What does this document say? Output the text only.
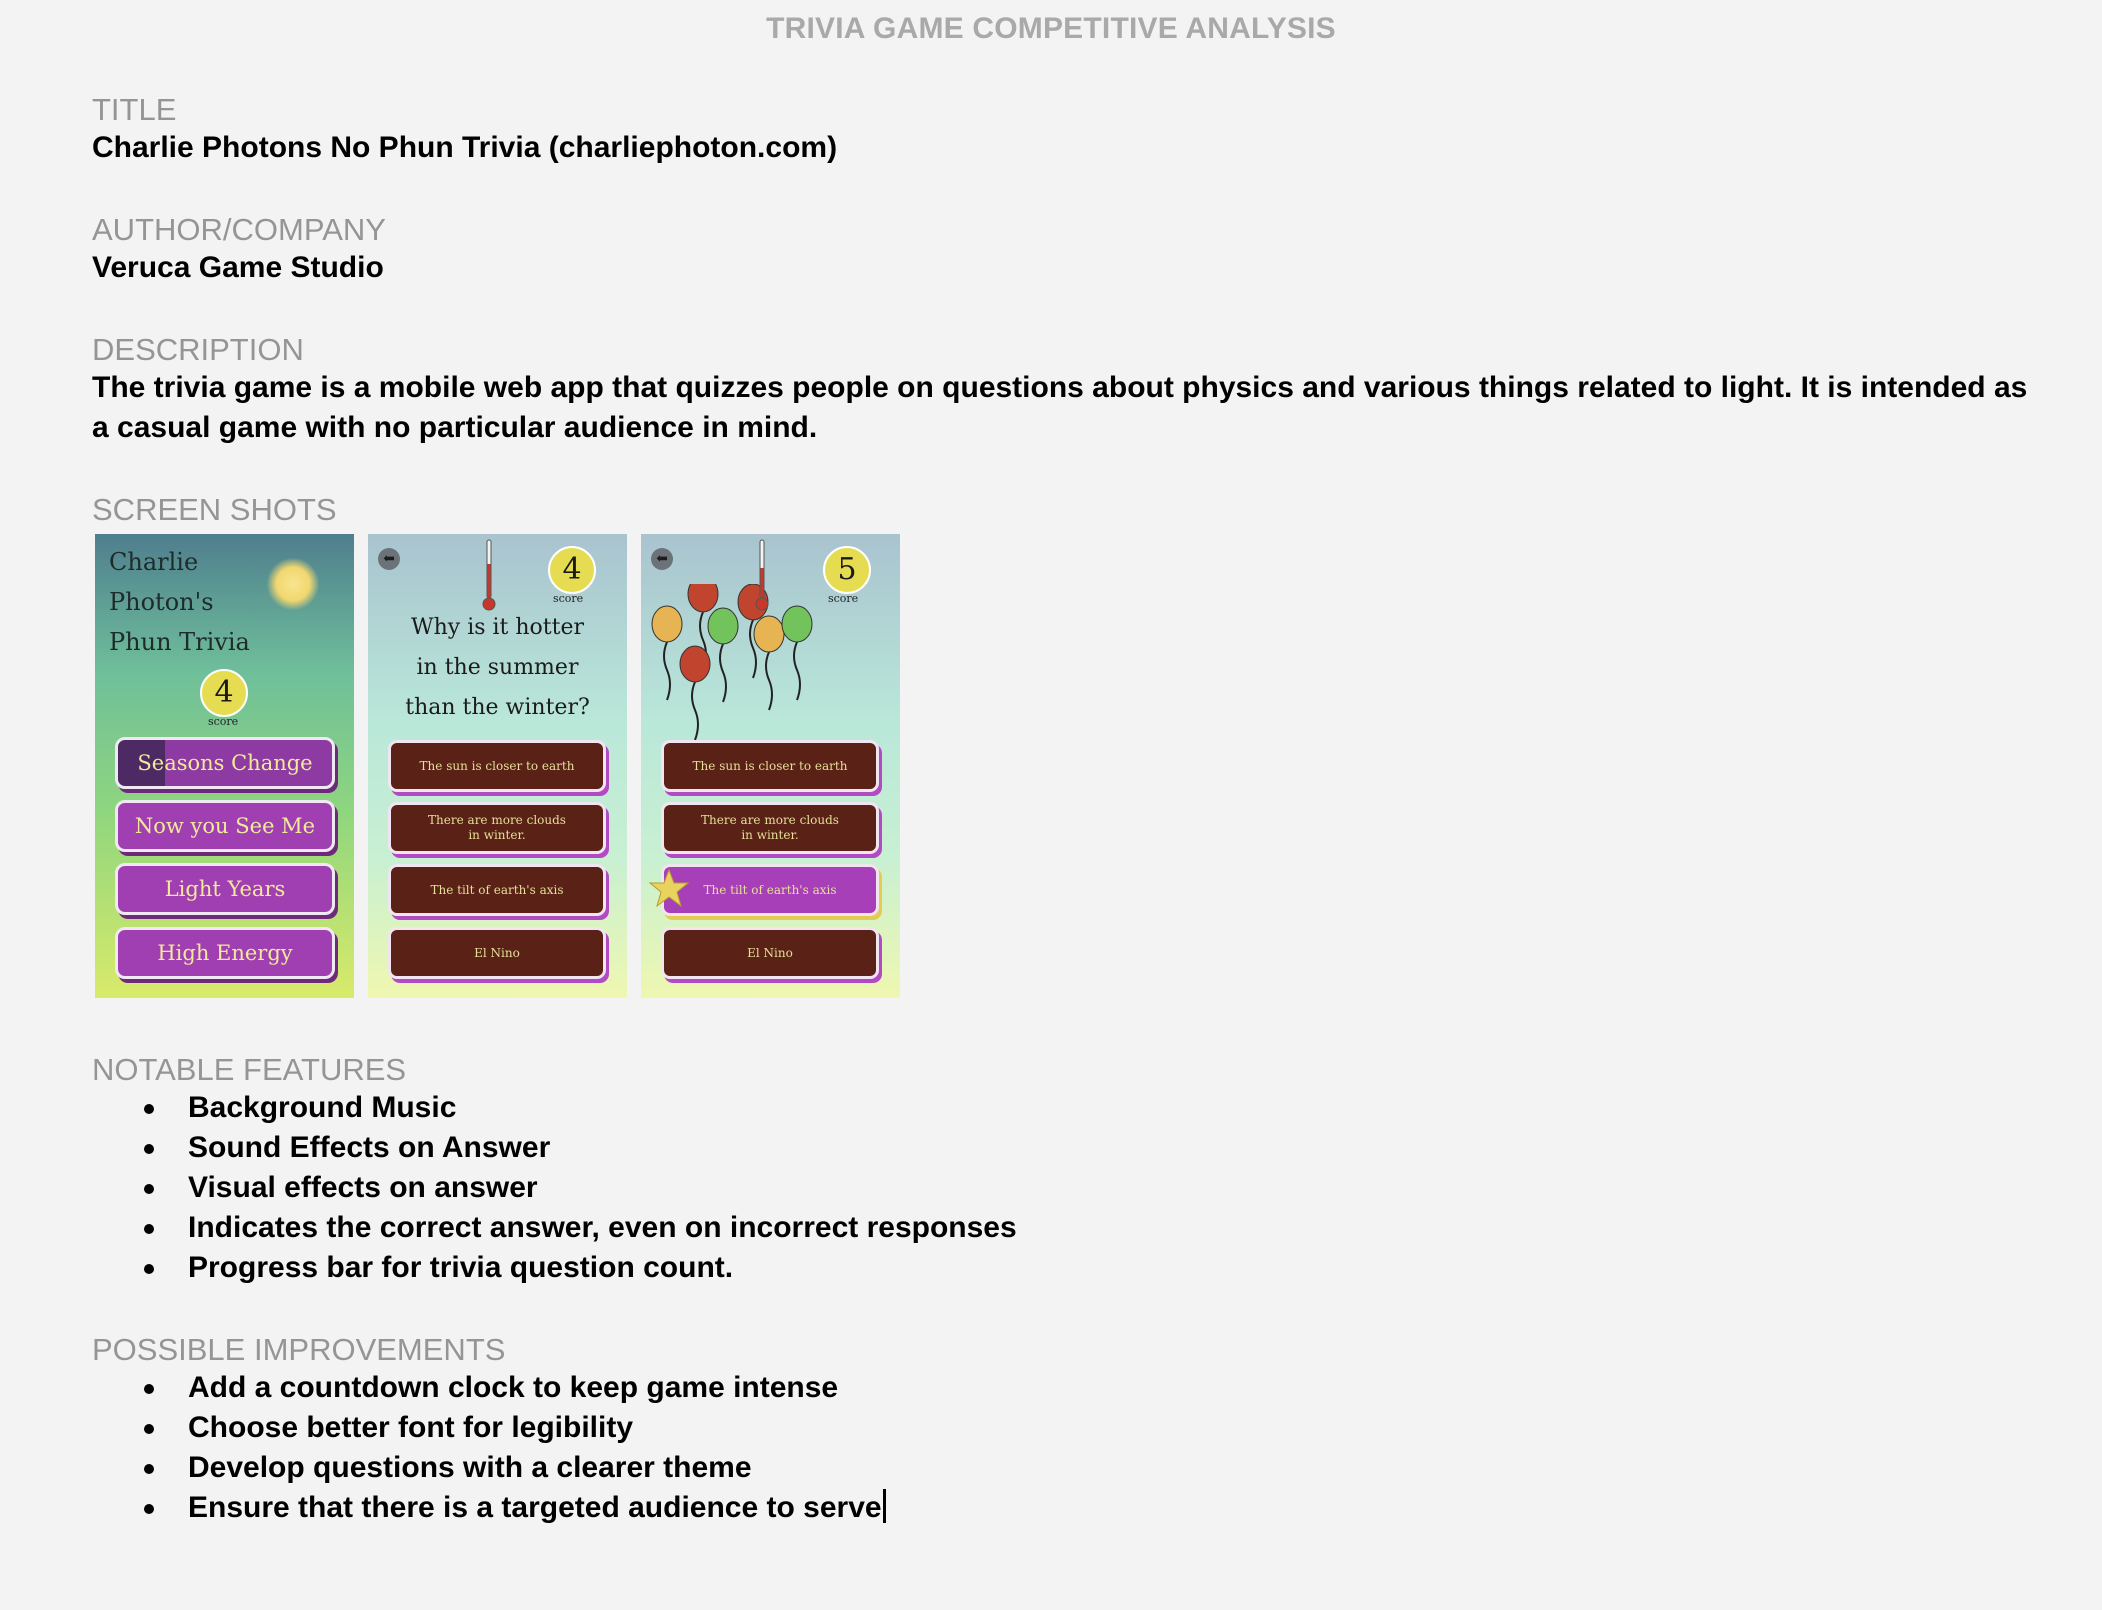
TRIVIA GAME COMPETITIVE ANALYSIS
TITLE
Charlie Photons No Phun Trivia (charliephoton.com)
AUTHOR/COMPANY
Veruca Game Studio
DESCRIPTION
The trivia game is a mobile web app that quizzes people on questions about physics and various things related to light. It is intended as a casual game with no particular audience in mind.
SCREEN SHOTS
Charlie
Photon's
Phun Trivia
4
score
Seasons Change
Now you See Me
Light Years
High Energy
⬅	4
score
Why is it hotter
in the summer
than the winter?
The sun is closer to earth
There are more clouds
in winter.
The tilt of earth's axis
El Nino
⬅	5
score
The sun is closer to earth
There are more clouds
in winter.
The tilt of earth's axis
El Nino
NOTABLE FEATURES
Background Music
Sound Effects on Answer
Visual effects on answer
Indicates the correct answer, even on incorrect responses
Progress bar for trivia question count.
POSSIBLE IMPROVEMENTS
Add a countdown clock to keep game intense
Choose better font for legibility
Develop questions with a clearer theme
Ensure that there is a targeted audience to serve
